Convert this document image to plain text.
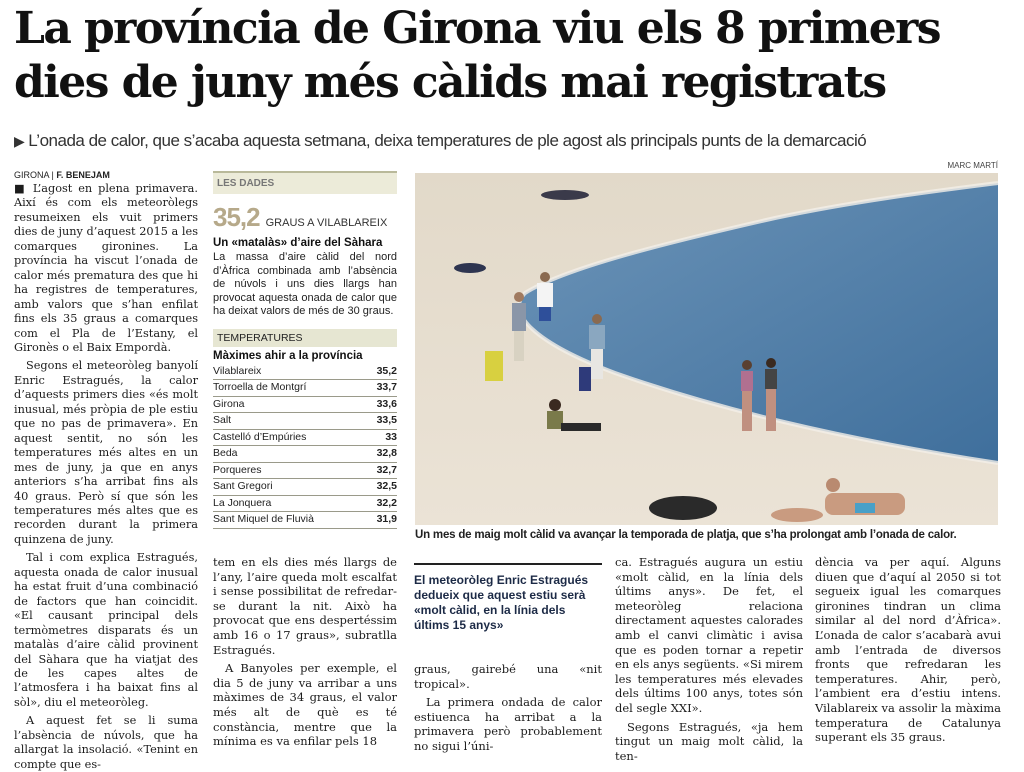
La província de Girona viu els 8 primers
dies de juny més càlids mai registrats
▶ L’onada de calor, que s’acaba aquesta setmana, deixa temperatures de ple agost als principals punts de la demarcació
GIRONA | F. BENEJAM
MARC MARTÍ

■ L’agost en plena primavera. Així és com els meteoròlegs resumeixen els vuit primers dies de juny d’aquest 2015 a les comarques gironines. La província ha viscut l’onada de calor més prematura des que hi ha registres de temperatures, amb valors que s’han enfilat fins els 35 graus a comarques com el Pla de l’Estany, el Gironès o el Baix Empordà.

Segons el meteoròleg banyolí Enric Estragués, la calor d’aquests primers dies «és molt inusual, més pròpia de ple estiu que no pas de primavera». En aquest sentit, no són les temperatures més altes en un mes de juny, ja que en anys anteriors s’ha arribat fins als 40 graus. Però sí que són les temperatures més altes que es recorden durant la primera quinzena de juny.

Tal i com explica Estragués, aquesta onada de calor inusual ha estat fruit d’una combinació de factors que han coincidit. «El causant principal dels termòmetres disparats és un matalàs d’aire càlid provinent del Sàhara que ha viatjat des de les capes altes de l’atmosfera i ha baixat fins al sòl», diu el meteoròleg.

A aquest fet se li suma l’absència de núvols, que ha allargat la insolació. «Tenint en compte que es-

LES DADES
35,2 GRAUS A VILABLAREIX
Un «matalàs» d’aire del Sàhara
La massa d’aire càlid del nord d’Àfrica combinada amb l’absència de núvols i uns dies llargs han provocat aquesta onada de calor que ha deixat valors de més de 30 graus.
TEMPERATURES
Màximes ahir a la província
Vilablareix	35,2
Torroella de Montgrí	33,7
Girona	33,6
Salt	33,5
Castelló d’Empúries	33
Beda	32,8
Porqueres	32,7
Sant Gregori	32,5
La Jonquera	32,2
Sant Miquel de Fluvià	31,9
Un mes de maig molt càlid va avançar la temporada de platja, que s’ha prolongat amb l’onada de calor.

tem en els dies més llargs de l’any, l’aire queda molt escalfat i sense possibilitat de refredar-se durant la nit. Això ha provocat que ens despertéssim amb 16 o 17 graus», subratlla Estragués.

A Banyoles per exemple, el dia 5 de juny va arribar a uns màximes de 34 graus, el valor més alt de què es té constància, mentre que la mínima es va enfilar pels 18

El meteoròleg Enric Estragués dedueix que aquest estiu serà «molt càlid, en la línia dels últims 15 anys»

graus, gairebé una «nit tropical».

La primera ondada de calor estiuenca ha arribat a la primavera però probablement no sigui l’úni-

ca. Estragués augura un estiu «molt càlid, en la línia dels últims anys». De fet, el meteoròleg relaciona directament aquestes calorades amb el canvi climàtic i avisa que es poden tornar a repetir en els anys següents. «Si mirem les temperatures més elevades dels últims 100 anys, totes són del segle XXI».

Segons Estragués, «ja hem tingut un maig molt càlid, la ten-

dència va per aquí. Alguns diuen que d’aquí al 2050 si tot segueix igual les comarques gironines tindran un clima similar al del nord d’Àfrica». L’onada de calor s’acabarà avui amb l’entrada de diversos fronts que refredaran les temperatures. Ahir, però, l’ambient era d’estiu intens. Vilablareix va assolir la màxima temperatura de Catalunya superant els 35 graus.
